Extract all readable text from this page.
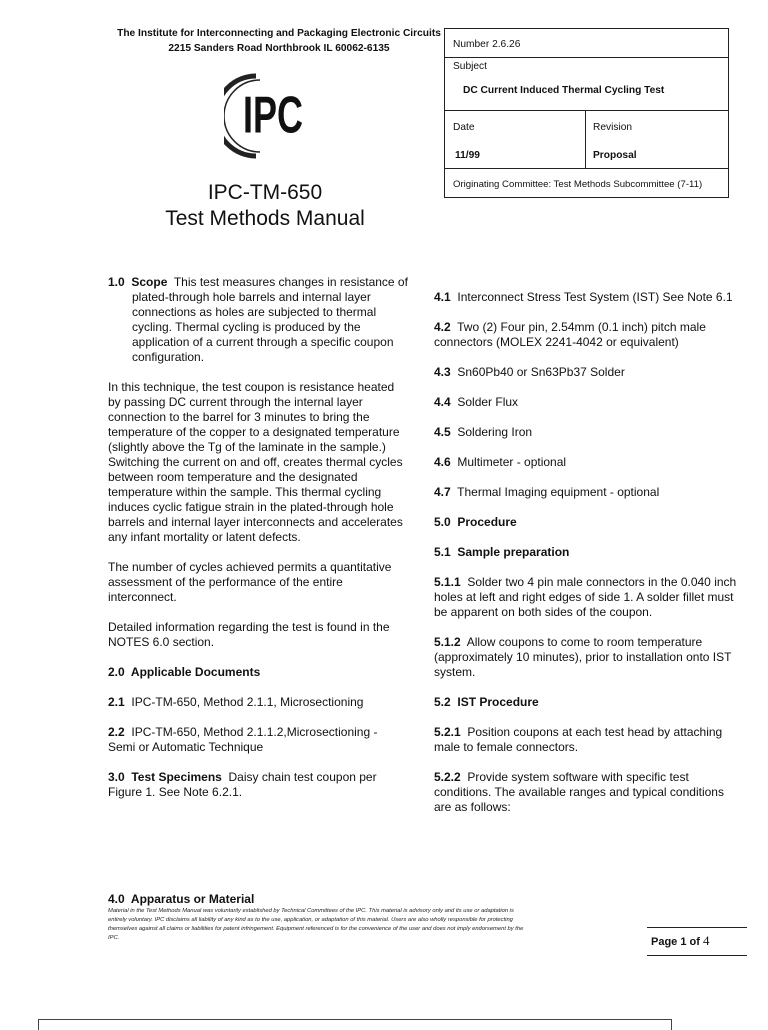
The Institute for Interconnecting and Packaging Electronic Circuits
2215 Sanders Road Northbrook IL 60062-6135	Number 2.6.26
Subject
DC Current Induced Thermal Cycling Test
Date
11/99
Revision
Proposal
Originating Committee: Test Methods Subcommittee (7-11)
IPC
IPC-TM-650
Test Methods Manual

1.0 Scope This test measures changes in resistance of plated-through hole barrels and internal layer connections as holes are subjected to thermal cycling. Thermal cycling is produced by the application of a current through a specific coupon configuration.

In this technique, the test coupon is resistance heated by passing DC current through the internal layer connection to the barrel for 3 minutes to bring the temperature of the copper to a designated temperature (slightly above the Tg of the laminate in the sample.) Switching the current on and off, creates thermal cycles between room temperature and the designated temperature within the sample. This thermal cycling induces cyclic fatigue strain in the plated-through hole barrels and internal layer interconnects and accelerates any infant mortality or latent defects.

The number of cycles achieved permits a quantitative assessment of the performance of the entire interconnect.

Detailed information regarding the test is found in the NOTES 6.0 section.

2.0 Applicable Documents

2.1 IPC-TM-650, Method 2.1.1, Microsectioning

2.2 IPC-TM-650, Method 2.1.1.2,Microsectioning - Semi or Automatic Technique

3.0 Test Specimens Daisy chain test coupon per Figure 1. See Note 6.2.1.

4.0 Apparatus or Material

4.1 Interconnect Stress Test System (IST) See Note 6.1

4.2 Two (2) Four pin, 2.54mm (0.1 inch) pitch male connectors (MOLEX 2241-4042 or equivalent)

4.3 Sn60Pb40 or Sn63Pb37 Solder

4.4 Solder Flux

4.5 Soldering Iron

4.6 Multimeter - optional

4.7 Thermal Imaging equipment - optional

5.0 Procedure

5.1 Sample preparation

5.1.1 Solder two 4 pin male connectors in the 0.040 inch holes at left and right edges of side 1. A solder fillet must be apparent on both sides of the coupon.

5.1.2 Allow coupons to come to room temperature (approximately 10 minutes), prior to installation onto IST system.

5.2 IST Procedure

5.2.1 Position coupons at each test head by attaching male to female connectors.

5.2.2 Provide system software with specific test conditions. The available ranges and typical conditions are as follows:

Material in the Test Methods Manual was voluntarily established by Technical Committees of the IPC. This material is advisory only and its use or adaptation is entirely voluntary. IPC disclaims all liability of any kind as to the use, application, or adaptation of this material. Users are also wholly responsible for protecting themselves against all claims or liabilities for patent infringement. Equipment referenced is for the convenience of the user and does not imply endorsement by the IPC.	Page 1 of 4
